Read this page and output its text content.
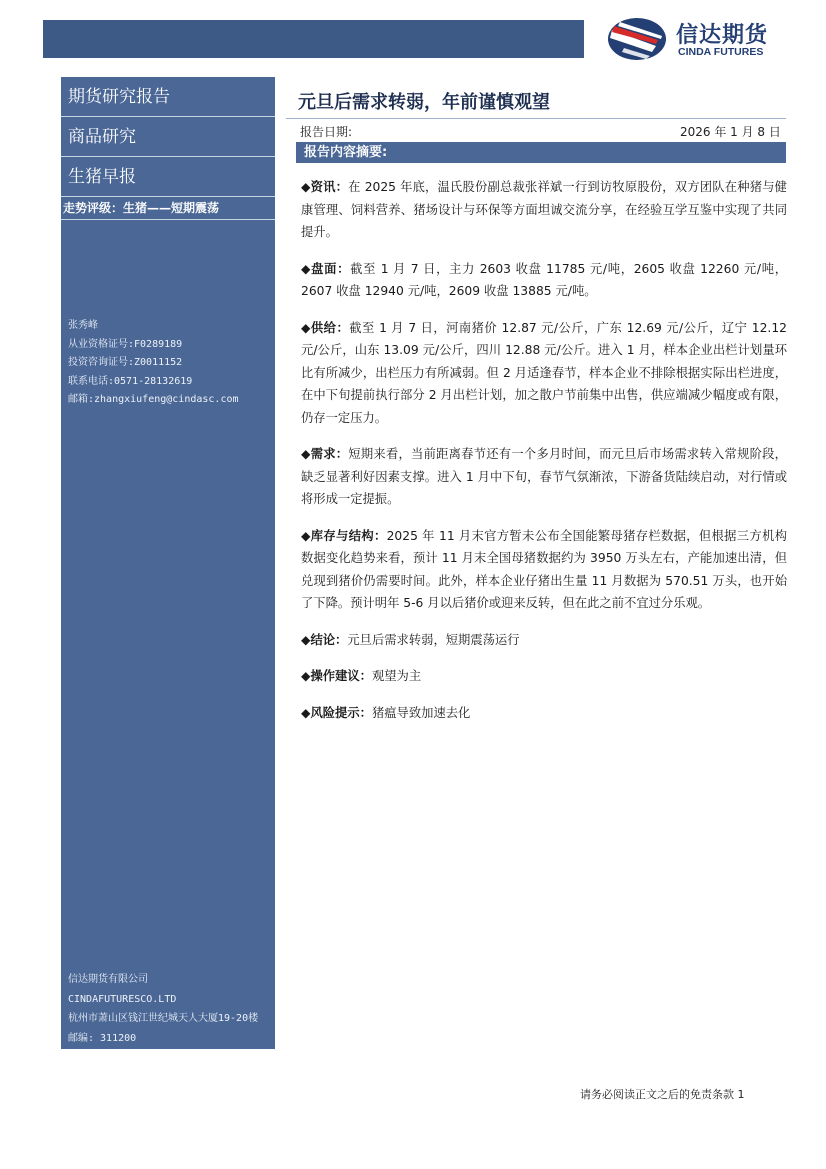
信达期货
CINDA FUTURES
期货研究报告
商品研究
生猪早报
走势评级：生猪——短期震荡
张秀峰
从业资格证号:F0289189
投资咨询证号:Z0011152
联系电话:0571-28132619
邮箱:zhangxiufeng@cindasc.com
信达期货有限公司
CINDAFUTURESCO.LTD
杭州市萧山区钱江世纪城天人大厦19-20楼
邮编: 311200
元旦后需求转弱，年前谨慎观望
报告日期:	2026 年 1 月 8 日
报告内容摘要:

◆资讯：在 2025 年底，温氏股份副总裁张祥斌一行到访牧原股份，双方团队在种猪与健康管理、饲料营养、猪场设计与环保等方面坦诚交流分享，在经验互学互鉴中实现了共同提升。

◆盘面：截至 1 月 7 日，主力 2603 收盘 11785 元/吨，2605 收盘 12260 元/吨，2607 收盘 12940 元/吨，2609 收盘 13885 元/吨。

◆供给：截至 1 月 7 日，河南猪价 12.87 元/公斤，广东 12.69 元/公斤，辽宁 12.12 元/公斤，山东 13.09 元/公斤，四川 12.88 元/公斤。进入 1 月，样本企业出栏计划量环比有所减少，出栏压力有所减弱。但 2 月适逢春节，样本企业不排除根据实际出栏进度，在中下旬提前执行部分 2 月出栏计划，加之散户节前集中出售，供应端减少幅度或有限，仍存一定压力。

◆需求：短期来看，当前距离春节还有一个多月时间，而元旦后市场需求转入常规阶段，缺乏显著利好因素支撑。进入 1 月中下旬，春节气氛渐浓，下游备货陆续启动，对行情或将形成一定提振。

◆库存与结构：2025 年 11 月末官方暂未公布全国能繁母猪存栏数据，但根据三方机构数据变化趋势来看，预计 11 月末全国母猪数据约为 3950 万头左右，产能加速出清，但兑现到猪价仍需要时间。此外，样本企业仔猪出生量 11 月数据为 570.51 万头，也开始了下降。预计明年 5-6 月以后猪价或迎来反转，但在此之前不宜过分乐观。

◆结论：元旦后需求转弱，短期震荡运行

◆操作建议：观望为主

◆风险提示：猪瘟导致加速去化

请务必阅读正文之后的免责条款 1
